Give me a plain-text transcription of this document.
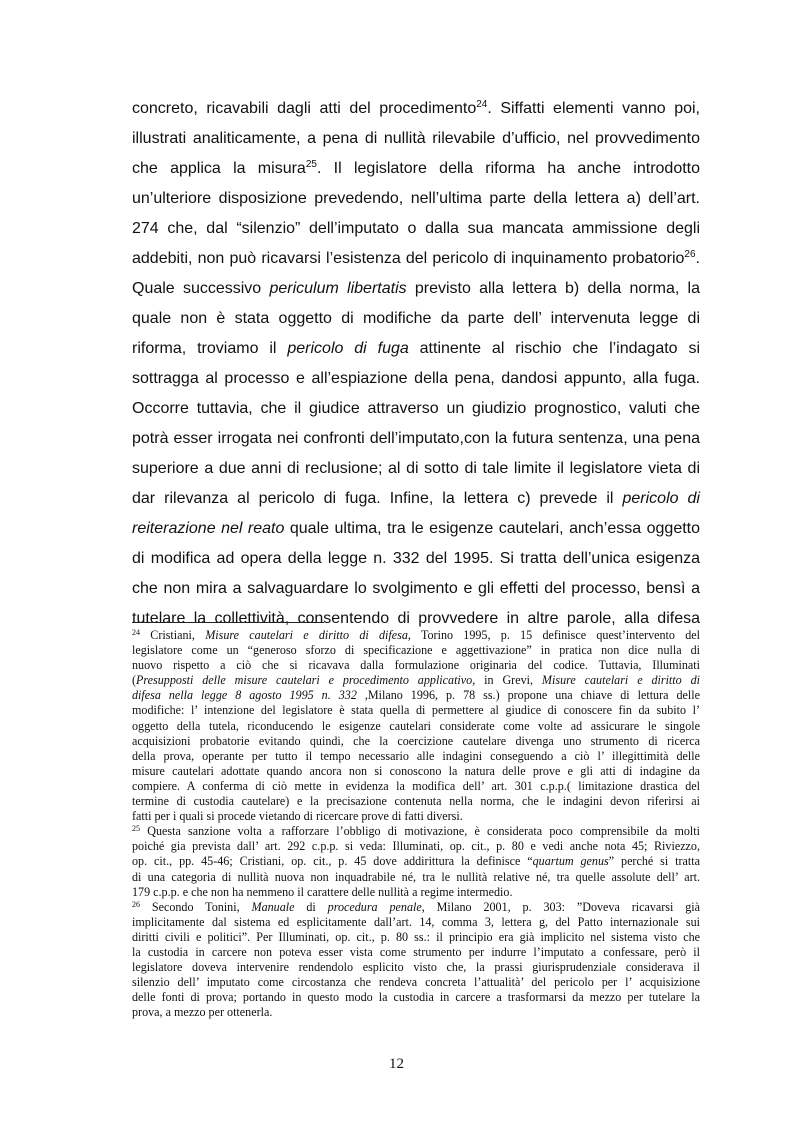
concreto, ricavabili dagli atti del procedimento$^{24}$. Siffatti elementi vanno poi,
illustrati analiticamente, a pena di nullità rilevabile d’ufficio, nel provvedimento
che applica la misura$^{25}$. Il legislatore della riforma ha anche introdotto
un’ulteriore disposizione prevedendo, nell’ultima parte della lettera a) dell’art.
274 che, dal “silenzio” dell’imputato o dalla sua mancata ammissione degli
addebiti, non può ricavarsi l’esistenza del pericolo di inquinamento probatorio$^{26}$.
Quale successivo periculum libertatis previsto alla lettera b) della norma, la
quale non è stata oggetto di modifiche da parte dell’ intervenuta legge di
riforma, troviamo il pericolo di fuga attinente al rischio che l’indagato si
sottragga al processo e all’espiazione della pena, dandosi appunto, alla fuga.
Occorre tuttavia, che il giudice attraverso un giudizio prognostico, valuti che
potrà esser irrogata nei confronti dell’imputato,con la futura sentenza, una pena
superiore a due anni di reclusione; al di sotto di tale limite il legislatore vieta di
dar rilevanza al pericolo di fuga. Infine, la lettera c) prevede il pericolo di
reiterazione nel reato quale ultima, tra le esigenze cautelari, anch’essa oggetto
di modifica ad opera della legge n. 332 del 1995. Si tratta dell’unica esigenza
che non mira a salvaguardare lo svolgimento e gli effetti del processo, bensì a
tutelare la collettività, consentendo di provvedere in altre parole, alla difesa
$^{24}$ Cristiani, Misure cautelari e diritto di difesa, Torino 1995, p. 15 definisce quest’intervento del
legislatore come un “generoso sforzo di specificazione e aggettivazione” in pratica non dice nulla di
nuovo rispetto a ciò che si ricavava dalla formulazione originaria del codice. Tuttavia, Illuminati
(Presupposti delle misure cautelari e procedimento applicativo, in Grevi, Misure cautelari e diritto di
difesa nella legge 8 agosto 1995 n. 332 ,Milano 1996, p. 78 ss.) propone una chiave di lettura delle
modifiche: l’ intenzione del legislatore è stata quella di permettere al giudice di conoscere fin da subito l’
oggetto della tutela, riconducendo le esigenze cautelari considerate come volte ad assicurare le singole
acquisizioni probatorie evitando quindi, che la coercizione cautelare divenga uno strumento di ricerca
della prova, operante per tutto il tempo necessario alle indagini conseguendo a ciò l’ illegittimità delle
misure cautelari adottate quando ancora non si conoscono la natura delle prove e gli atti di indagine da
compiere. A conferma di ciò mette in evidenza la modifica dell’ art. 301 c.p.p.( limitazione drastica del
termine di custodia cautelare) e la precisazione contenuta nella norma, che le indagini devon riferirsi ai
fatti per i quali si procede vietando di ricercare prove di fatti diversi.
$^{25}$ Questa sanzione volta a rafforzare l’obbligo di motivazione, è considerata poco comprensibile da molti
poiché gia prevista dall’ art. 292 c.p.p. si veda: Illuminati, op. cit., p. 80 e vedi anche nota 45; Riviezzo,
op. cit., pp. 45-46; Cristiani, op. cit., p. 45 dove addirittura la definisce “quartum genus” perché si tratta
di una categoria di nullità nuova non inquadrabile né, tra le nullità relative né, tra quelle assolute dell’ art.
179 c.p.p. e che non ha nemmeno il carattere delle nullità a regime intermedio.
$^{26}$ Secondo Tonini, Manuale di procedura penale, Milano 2001, p. 303: ”Doveva ricavarsi già
implicitamente dal sistema ed esplicitamente dall’art. 14, comma 3, lettera g, del Patto internazionale sui
diritti civili e politici”. Per Illuminati, op. cit., p. 80 ss.: il principio era già implicito nel sistema visto che
la custodia in carcere non poteva esser vista come strumento per indurre l’imputato a confessare, però il
legislatore doveva intervenire rendendolo esplicito visto che, la prassi giurisprudenziale considerava il
silenzio dell’ imputato come circostanza che rendeva concreta l’attualità’ del pericolo per l’ acquisizione
delle fonti di prova; portando in questo modo la custodia in carcere a trasformarsi da mezzo per tutelare la
prova, a mezzo per ottenerla.
12
